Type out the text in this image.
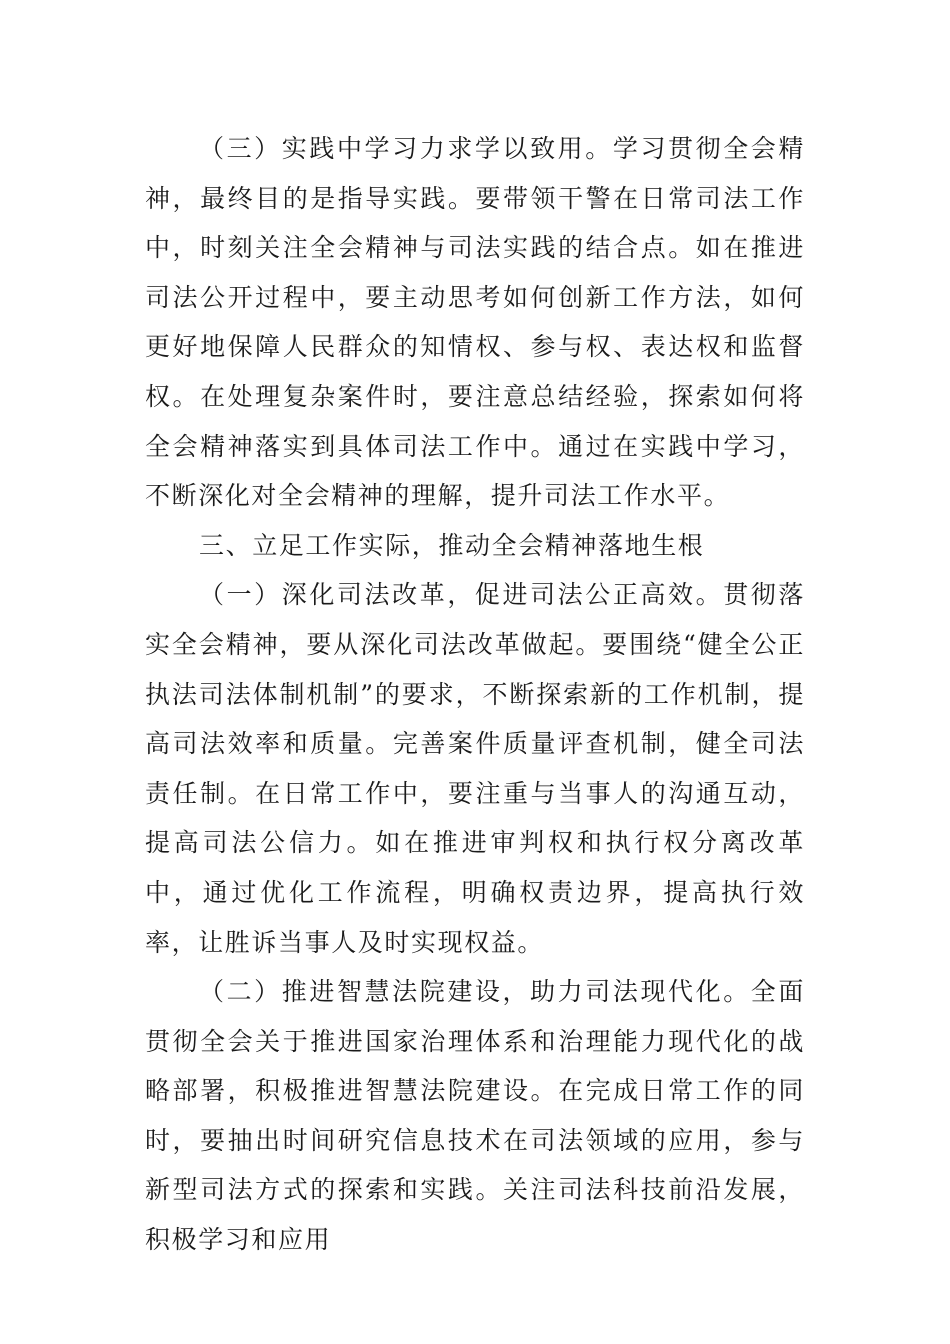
（三）实践中学习力求学以致用。学习贯彻全会精神，最终目的是指导实践。要带领干警在日常司法工作中，时刻关注全会精神与司法实践的结合点。如在推进司法公开过程中，要主动思考如何创新工作方法，如何更好地保障人民群众的知情权、参与权、表达权和监督权。在处理复杂案件时，要注意总结经验，探索如何将全会精神落实到具体司法工作中。通过在实践中学习，不断深化对全会精神的理解，提升司法工作水平。

三、立足工作实际，推动全会精神落地生根

（一）深化司法改革，促进司法公正高效。贯彻落实全会精神，要从深化司法改革做起。要围绕“健全公正执法司法体制机制”的要求，不断探索新的工作机制，提高司法效率和质量。完善案件质量评查机制，健全司法责任制。在日常工作中，要注重与当事人的沟通互动，提高司法公信力。如在推进审判权和执行权分离改革中，通过优化工作流程，明确权责边界，提高执行效率，让胜诉当事人及时实现权益。

（二）推进智慧法院建设，助力司法现代化。全面贯彻全会关于推进国家治理体系和治理能力现代化的战略部署，积极推进智慧法院建设。在完成日常工作的同时，要抽出时间研究信息技术在司法领域的应用，参与新型司法方式的探索和实践。关注司法科技前沿发展，积极学习和应用
